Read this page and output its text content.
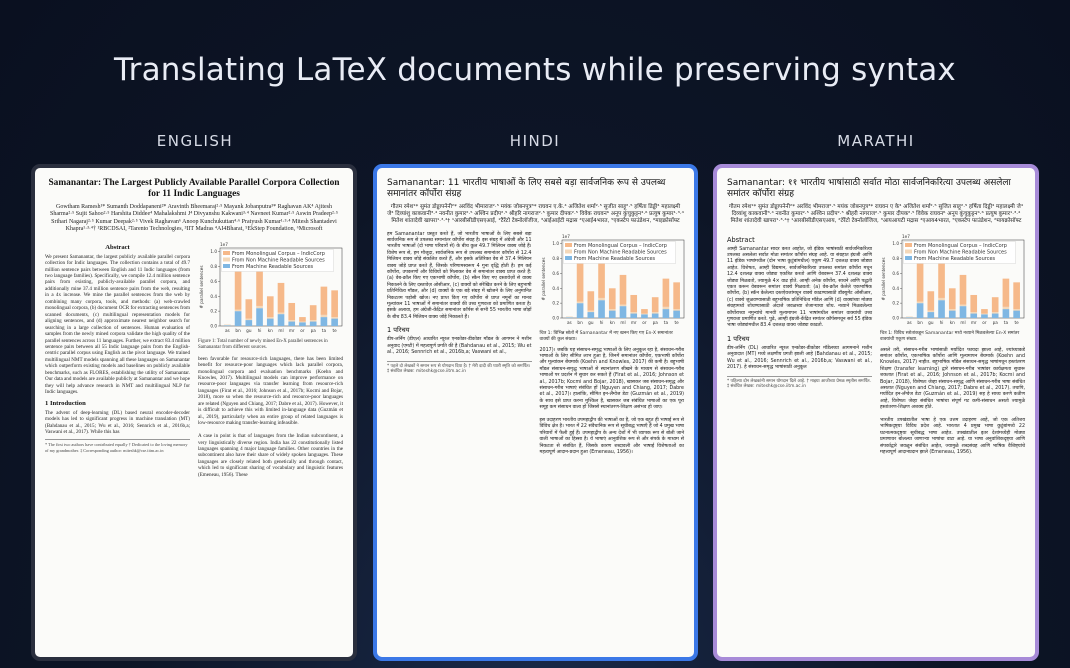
Translating LaTeX documents while preserving syntax
ENGLISH	HINDI	MARATHI
Samanantar: The Largest Publicly Available Parallel Corpora Collection for 11 Indic Languages
Gowtham Ramesh¹* Sumanth Doddapaneni²* Aravinth Bheemaraj²·⁵ Mayank Jobanputra³* Raghavan AK⁴ Ajitesh Sharma²·⁵ Sujit Sahoo²·⁵ Harshita Diddee⁴ Mahalakshmi J⁴ Divyanshu Kakwani³·⁴ Navneet Kumar²·⁵ Aswin Pradeep²·⁵ Srihari Nagaraj²·⁵ Kumar Deepak²·⁵ Vivek Raghavan⁶ Anoop Kunchukuttan⁴·⁶ Pratyush Kumar¹·³·⁴ Mitesh Shantadevi Khapra¹·³·⁴† ¹RBCDSAI, ²Tarento Technologies, ³IIT Madras ⁴AI4Bharat, ⁵EkStep Foundation, ⁶Microsoft
Abstract
We present Samanantar, the largest publicly available parallel corpora collection for Indic languages. The collection contains a total of 49.7 million sentence pairs between English and 11 Indic languages (from two language families). Specifically, we compile 12.4 million sentence pairs from existing, publicly-available parallel corpora, and additionally mine 37.4 million sentence pairs from the web, resulting in a 4x increase. We mine the parallel sentences from the web by combining many corpora, tools, and methods: (a) web-crawled monolingual corpora, (b) document OCR for extracting sentences from scanned documents, (c) multilingual representation models for aligning sentences, and (d) approximate nearest neighbor search for searching in a large collection of sentences. Human evaluation of samples from the newly mined corpora validate the high quality of the parallel sentences across 11 languages. Further, we extract 83.4 million sentence pairs between all 55 Indic language pairs from the English-centric parallel corpus using English as the pivot language. We trained multilingual NMT models spanning all these languages on Samanantar which outperform existing models and baselines on publicly available benchmarks, such as FLORES, establishing the utility of Samanantar. Our data and models are available publicly at Samanantar and we hope they will help advance research in NMT and multilingual NLP for Indic languages.
1 Introduction
The advent of deep-learning (DL) based neural encoder-decoder models has led to significant progress in machine translation (MT) (Bahdanau et al., 2015; Wu et al., 2016; Sennrich et al., 2016b,a; Vaswani et al., 2017). While this has
* The first two authors have contributed equally † Dedicated to the loving memory of my grandmother. ‡ Corresponding author: miteshk@cse.iitm.ac.in
1e7
0.0
0.2
0.4
0.6
0.8
1.0
# parallel sentences
as bn gu hi kn ml mr or pa ta te
From Monolingual Corpus – IndicCorp
From Non Machine Readable Sources
From Machine Readable Sources
Figure 1: Total number of newly mined En-X parallel sentences in Samanantar from different sources.
been favorable for resource-rich languages, there has been limited benefit for resource-poor languages which lack parallel corpora, monolingual corpora and evaluation benchmarks (Koehn and Knowles, 2017). Multilingual models can improve performance on resource-poor languages via transfer learning from resource-rich languages (Firat et al., 2016; Johnson et al., 2017b; Kocmi and Bojar, 2018), more so when the resource-rich and resource-poor languages are related (Nguyen and Chiang, 2017; Dabre et al., 2017). However, it is difficult to achieve this with limited in-language data (Guzmán et al., 2019), particularly when an entire group of related languages is low-resource making transfer-learning infeasible.

A case in point is that of languages from the Indian subcontinent, a very linguistically diverse region. India has 22 constitutionally listed languages spanning 4 major language families. Other countries in the subcontinent also have their share of widely spoken languages. These languages are closely related both genetically and through contact, which led to significant sharing of vocabulary and linguistic features (Emeneau, 1956). These
Samanantar: 11 भारतीय भाषाओं के लिए सबसे बड़ा सार्वजनिक रूप से उपलब्ध समानांतर कॉर्पोरा संग्रह
गौतम रमेश¹* सुमंत डोड्डापनेनी²* अरविंद भीमाराज²·⁵ मयंक जोबनपुत्र³* राघवन ए.के.⁴ अजितेश शर्मा²·⁵ सुजीत साहू²·⁵ हर्षिता डिड्डी⁴ महालक्ष्मी जे⁴ दिव्यांशु काकवानी³·⁴ नवनीत कुमार²·⁵ अश्विन प्रदीप²·⁵ श्रीहरि नागराज²·⁵ कुमार दीपक²·⁵ विवेक राघवन⁶ अनूप कुंचुकुट्टन⁴·⁶ प्रत्युष कुमार¹·³·⁴ मितेश शांतादेवी खापरा¹·³·⁴† ¹आरबीसीडीएसएआई, ²टैरेंटो टेक्नोलॉजीज, ³आईआईटी मद्रास ⁴एआई4भारत, ⁵एकस्टेप फाउंडेशन, ⁶माइक्रोसॉफ्ट
हम Samanantar प्रस्तुत करते हैं, जो भारतीय भाषाओं के लिए सबसे बड़ा सार्वजनिक रूप से उपलब्ध समानांतर कॉर्पोरा संग्रह है। इस संग्रह में अंग्रेजी और 11 भारतीय भाषाओं (दो भाषा परिवारों से) के बीच कुल 49.7 मिलियन वाक्य जोड़े हैं। विशेष रूप से, हम मौजूदा, सार्वजनिक रूप से उपलब्ध समानांतर कॉर्पोरा से 12.4 मिलियन वाक्य जोड़े संकलित करते हैं, और इसके अतिरिक्त वेब से 37.4 मिलियन वाक्य जोड़े प्राप्त करते हैं, जिसके परिणामस्वरूप 4 गुना वृद्धि होती है। हम कई कॉर्पोरा, उपकरणों और विधियों को मिलाकर वेब से समानांतर वाक्य प्राप्त करते हैं: (a) वेब-क्रॉल किए गए एकभाषी कॉर्पोरा, (b) स्कैन किए गए दस्तावेज़ों से वाक्य निकालने के लिए दस्तावेज़ ओसीआर, (c) वाक्यों को संरेखित करने के लिए बहुभाषी प्रतिनिधित्व मॉडल, और (d) वाक्यों के एक बड़े संग्रह में खोजने के लिए अनुमानित निकटतम पड़ोसी खोज। नए प्राप्त किए गए कॉर्पोरा से प्राप्त नमूनों का मानव मूल्यांकन 11 भाषाओं में समानांतर वाक्यों की उच्च गुणवत्ता को प्रमाणित करता है। इसके अलावा, हम अंग्रेजी-केंद्रित समानांतर कॉर्पस से सभी 55 भारतीय भाषा जोड़ों के बीच 83.4 मिलियन वाक्य जोड़े निकालते हैं।
1 परिचय
डीप-लर्निंग (डीएल) आधारित न्यूरल एनकोडर-डीकोडर मॉडल के आगमन ने मशीन अनुवाद (एमटी) में महत्वपूर्ण प्रगति की है (Bahdanau et al., 2015; Wu et al., 2016; Sennrich et al., 2016b,a; Vaswani et al.,
* पहले दो लेखकों ने समान रूप से योगदान दिया है। † मेरी दादी की प्यारी स्मृति को समर्पित। ‡ संबंधित लेखक: miteshk@cse.iitm.ac.in
1e7
0.0
0.2
0.4
0.6
0.8
1.0
# parallel sentences
as bn gu hi kn ml mr or pa ta te
From Monolingual Corpus – IndicCorp
From Non Machine Readable Sources
From Machine Readable Sources
चित्र 1: विभिन्न स्रोतों में Samanantar में नए खनन किए गए En-X समानांतर वाक्यों की कुल संख्या।
2017)। जबकि यह संसाधन-समृद्ध भाषाओं के लिए अनुकूल रहा है, संसाधन-गरीब भाषाओं के लिए सीमित लाभ हुआ है, जिनमें समानांतर कॉर्पोरा, एकभाषी कॉर्पोरा और मूल्यांकन बेंचमार्क (Koehn and Knowles, 2017) की कमी है। बहुभाषी मॉडल संसाधन-समृद्ध भाषाओं से स्थानांतरण सीखने के माध्यम से संसाधन-गरीब भाषाओं पर प्रदर्शन में सुधार कर सकते हैं (Firat et al., 2016; Johnson et al., 2017b; Kocmi and Bojar, 2018), खासकर जब संसाधन-समृद्ध और संसाधन-गरीब भाषाएं संबंधित हों (Nguyen and Chiang, 2017; Dabre et al., 2017)। हालांकि, सीमित इन-लैंग्वेज डेटा (Guzmán et al., 2019) के साथ इसे प्राप्त करना मुश्किल है, खासकर जब संबंधित भाषाओं का एक पूरा समूह कम संसाधन वाला हो जिससे स्थानांतरण-शिक्षण असंभव हो जाए।

इस उदाहरण भारतीय उपमहाद्वीप की भाषाओं का है, जो एक बहुत ही भाषाई रूप से विविध क्षेत्र है। भारत में 22 संवैधानिक रूप से सूचीबद्ध भाषाएँ हैं जो 4 प्रमुख भाषा परिवारों में फैली हुई हैं। उपमहाद्वीप के अन्य देशों में भी व्यापक रूप से बोली जाने वाली भाषाओं का हिस्सा है। ये भाषाएं आनुवंशिक रूप से और संपर्क के माध्यम से निकटता से संबंधित हैं, जिसके कारण शब्दावली और भाषाई विशेषताओं का महत्वपूर्ण आदान-प्रदान हुआ (Emeneau, 1956)।
Samanantar: ११ भारतीय भाषांसाठी सर्वात मोठा सार्वजनिकरित्या उपलब्ध असलेला समांतर कॉर्पोरा संग्रह
गौतम रमेश¹* सुमंत डोड्डापनेनी²* अरविंद भीमराज²·⁵ मयंक जोबनपुत्र³* राघवन ए के⁴ अजितेश शर्मा²·⁵ सुजित साहू²·⁵ हर्षिता दिड्डी⁴ महालक्ष्मी जे⁴ दिव्यांशु काकवानी³·⁴ नवनीत कुमार²·⁵ अश्विन प्रदीप²·⁵ श्रीहरी नागराज²·⁵ कुमार दीपक²·⁵ विवेक राघवन⁶ अनूप कुंचुकुट्टन⁴·⁶ प्रत्युष कुमार¹·³·⁴ मितेश शांतादेवी खापरा¹·³·⁴† ¹आरबीसीडीएसएआय, ²टॅरेंटो टेक्नॉलॉजिज, ³आयआयटी मद्रास ⁴एआय4भारत, ⁵एकस्टेप फाउंडेशन, ⁶मायक्रोसॉफ्ट
Abstract
आम्ही Samanantar सादर करत आहोत, जो इंडिक भाषांसाठी सार्वजनिकरित्या उपलब्ध असलेला सर्वात मोठा समांतर कॉर्पोरा संग्रह आहे. या संग्रहात इंग्रजी आणि 11 इंडिक भाषांमधील (दोन भाषा कुटुंबांमधील) एकूण 49.7 दशलक्ष वाक्य जोड्या आहेत. विशेषतः, आम्ही विद्यमान, सार्वजनिकरित्या उपलब्ध समांतर कॉर्पोरा मधून 12.4 दशलक्ष वाक्य जोड्या एकत्रित करतो आणि वेबवरून 37.4 दशलक्ष वाक्य जोड्या मिळवतो, ज्यामुळे 4× वाढ होते. आम्ही अनेक कॉर्पोरा, साधने आणि पद्धती एकत्र करून वेबवरून समांतर वाक्ये मिळवतो: (a) वेब-क्रॉल केलेले एकभाषिक कॉर्पोरा, (b) स्कॅन केलेल्या दस्तऐवजांमधून वाक्ये काढण्यासाठी डॉक्युमेंट ओसीआर, (c) वाक्ये जुळवण्यासाठी बहुभाषिक प्रतिनिधित्व मॉडेल आणि (d) वाक्यांच्या मोठ्या संग्रहामध्ये शोधण्यासाठी अंदाजे जवळच्या शेजाऱ्याचा शोध. नव्याने मिळवलेल्या कॉर्पोराच्या नमुन्यांचे मानवी मूल्यमापन 11 भाषांमधील समांतर वाक्यांची उच्च गुणवत्ता प्रमाणित करते. पुढे, आम्ही इंग्रजी-केंद्रित समांतर कॉर्पसमधून सर्व 55 इंडिक भाषा जोड्यांमधील 83.4 दशलक्ष वाक्य जोड्या काढतो.
1 परिचय
डीप-लर्निंग (DL) आधारित न्यूरल एन्कोडर-डीकोडर मॉडेलच्या आगमनाने मशीन अनुवादात (MT) मध्ये लक्षणीय प्रगती झाली आहे (Bahdanau et al., 2015; Wu et al., 2016; Sennrich et al., 2016b,a; Vaswani et al., 2017). हे संसाधन-समृद्ध भाषांसाठी अनुकूल
* पहिल्या दोन लेखकांनी समान योगदान दिले आहे. † माझ्या आजीच्या प्रेमळ स्मृतीस समर्पित. ‡ संबंधित लेखक: miteshk@cse.iitm.ac.in
1e7
0.0
0.2
0.4
0.6
0.8
1.0
# parallel sentences
as bn gu hi kn ml mr or pa ta te
From Monolingual Corpus – IndicCorp
From Non Machine Readable Sources
From Machine Readable Sources
चित्र 1: विविध स्त्रोतांकडून Samanantar मध्ये नव्याने मिळवलेल्या En-X समांतर वाक्यांची एकूण संख्या.
असले तरी, संसाधन-गरीब भाषांसाठी मर्यादित फायदा झाला आहे, ज्यांच्याकडे समांतर कॉर्पोरा, एकभाषिक कॉर्पोरा आणि मूल्यमापन बेंचमार्क (Koehn and Knowles, 2017) नाहीत. बहुभाषिक मॉडेल संसाधन-समृद्ध भाषांमधून हस्तांतरण शिक्षण (transfer learning) द्वारे संसाधन-गरीब भाषांवर कार्यक्षमता सुधारू शकतात (Firat et al., 2016; Johnson et al., 2017b; Kocmi and Bojar, 2018), विशेषतः जेव्हा संसाधन-समृद्ध आणि संसाधन-गरीब भाषा संबंधित असतात (Nguyen and Chiang, 2017; Dabre et al., 2017). तथापि, मर्यादित इन-लँग्वेज डेटा (Guzmán et al., 2019) सह हे साध्य करणे कठीण आहे, विशेषतः जेव्हा संबंधित भाषांचा संपूर्ण गट कमी-संसाधन असतो ज्यामुळे हस्तांतरण-शिक्षण अशक्य होते.

भारतीय उपखंडातील भाषा हे एक उत्तम उदाहरण आहे, जो एक अतिशय भाषिकदृष्ट्या विविध प्रदेश आहे. भारतात 4 प्रमुख भाषा कुटुंबांमध्ये 22 घटनात्मकदृष्ट्या सूचीबद्ध भाषा आहेत. उपखंडातील इतर देशांमध्येही मोठ्या प्रमाणावर बोलल्या जाणाऱ्या भाषांचा वाटा आहे. या भाषा अनुवांशिकदृष्ट्या आणि संपर्काद्वारे जवळून संबंधित आहेत, ज्यामुळे शब्दसंग्रह आणि भाषिक वैशिष्ट्यांचे महत्त्वपूर्ण आदानप्रदान झाले (Emeneau, 1956).
